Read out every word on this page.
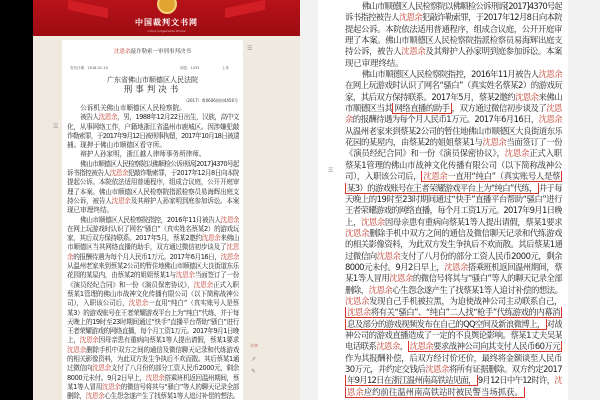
中国裁判文书网
China Judgements Online
沈恩余敲诈勒索一审刑事判决书
发布日期：2018-01-10	浏览：1433	上传
广东省佛山市顺德区人民法院
刑事判决书
（2017）粤0606刑初4456号
☰
☰
分享
↗
✎
公诉机关佛山市顺德区人民检察院。
被告人沈恩余，男，1988年12月22日出生，汉族，高中文
化，从事网络工作，户籍地浙江省温州市鹿城区。因涉嫌犯敲
诈勒索罪，于2017年9月12日被刑事拘留，2017年10月18日被逮
捕。现押于佛山市顺德区看守所。
辩护人孙家明，浙江越人律师事务所律师。
佛山市顺德区人民检察院以佛顺检公诉刑诉[2017]4370号起
诉书指控被告人沈恩余犯敲诈勒索罪，于2017年12月8日向本院
提起公诉。本院依法适用普通程序，组成合议庭，公开开庭审
理了本案。佛山市顺德区人民检察院指派检察员易海辉出庭支
持公诉，被告人沈恩余及其辩护人孙家明到庭参加诉讼。本案
现已审理终结。
佛山市顺德区人民检察院指控，2016年11月被告人沈恩余
在网上玩游戏时认识了网名“骚白”（真实姓名蔡某2）的游戏玩
家，其后双方保持联系。2017年5月，蔡某2邀约沈恩余来佛山
市顺德区当其网络直播的助手，双方通过微信初步谈及了沈恩
余的报酬待遇为每个月人民币1万元。2017年6月16日，沈恩余
从温州老家来到蔡某2公司的暂住地佛山市顺德区大良街道东乐
花园的某屋内，由蔡某2的姐姐蔡某1与沈恩余当面签订了一份
《演员经纪合同》和一份《演员保密协议》，沈恩余正式入职
蔡某1管理的佛山市战神文化传播有限公司（以下简称战神公
司），入职该公司后，沈恩余一直用“纯白”（真实账号人是蔡
某3）的游戏账号在王者荣耀游戏平台上为“纯白”代练，并于每
天晚上的19时至23时期间通过“快手”直播平台帮助“骚白”进行
王者荣耀游戏的网络直播，每个月工资1万元。2017年9月1日晚
上，沈恩余因母亲患有重病向蔡某1等人提出请假，蔡某1要求
沈恩余删除手机中双方之间的通信及微信聊天记录和代练游戏
的相关影像资料，为此双方发生争执后不欢而散。其后蔡某1通
过微信向沈恩余支付了八月份的部分工资人民币2000元，剩余
8000元未付。9月2日早上，沈恩余搭乘班机返回温州期间，蔡
某1等人冒用沈恩余的微信号将其与“骚白”等人的聊天记录全部
删除，沈恩余心生怨念遂产生了找蔡某1等人追讨补偿的想法。
☰
佛山市顺德区人民检察院以佛顺检公诉刑诉[2017]4370号起
诉书指控被告人沈恩余犯敲诈勒索罪，于2017年12月8日向本院
提起公诉。本院依法适用普通程序，组成合议庭，公开开庭审
理了本案。佛山市顺德区人民检察院指派检察员易海辉出庭支
持公诉，被告人沈恩余及其辩护人孙家明到庭参加诉讼。本案
现已审理终结。
佛山市顺德区人民检察院指控，2016年11月被告人沈恩余
在网上玩游戏时认识了网名“骚白”（真实姓名蔡某2）的游戏玩
家，其后双方保持联系。2017年5月，蔡某2邀约沈恩余来佛山
市顺德区当其 网络直播的助手 ，双方通过微信初步谈及了沈恩
余的报酬待遇为每个月人民币1万元。2017年6月16日，沈恩余
从温州老家来到蔡某2公司的暂住地佛山市顺德区大良街道东乐
花园的某屋内，由蔡某2的姐姐蔡某1与沈恩余当面签订了一份
《演员经纪合同》和一份《演员保密协议》，沈恩余正式入职
蔡某1管理的佛山市战神文化传播有限公司（以下简称战神公
司），入职该公司后， 沈恩余一直用“纯白”（真实账号人是蔡
某3）的游戏账号在王者荣耀游戏平台上为“纯白”代练， 并于每
天晚上的19时至23时期间通过“快手”直播平台帮助“骚白”进行
王者荣耀游戏的网络直播，每个月工资1万元。2017年9月1日晚
上，沈恩余因母亲患有重病向蔡某1等人提出请假，蔡某1要求
沈恩余删除手机中双方之间的通信及微信聊天记录和代练游戏
的相关影像资料，为此双方发生争执后不欢而散。其后蔡某1通
过微信向沈恩余支付了八月份的部分工资人民币2000元，剩余
8000元未付。9月2日早上，沈恩余搭乘班机返回温州期间，蔡
某1等人冒用沈恩余的微信号将其与“骚白”等人的聊天记录全部
删除，沈恩余心生怨念遂产生了找蔡某1等人追讨补偿的想法。
沈恩余发现自己手机被拉黑，为迫使战神公司主动联系自己，
沈恩余将有关“骚白”、“纯白”二人找“枪手”代练游戏的内幕消
息及部分的游戏视频发布在自己的QQ空间及新浪微博上， 对战
神公司的游戏直播造成了一定的不良舆论影响。蔡某1丈夫吴某
电话联系沈恩余， 沈恩余要求战神公司向其支付人民币60万元
作为其报酬补偿，后双方经讨价还价，最终将金额谈至人民币
30万元，并约定交钱后沈恩余将所有证据删除。双方约定2017
年9月12日在浙江温州南高铁站见面， 9月12日中午12时许，沈
恩余应约前往温州南高铁站时被民警当场抓获。
